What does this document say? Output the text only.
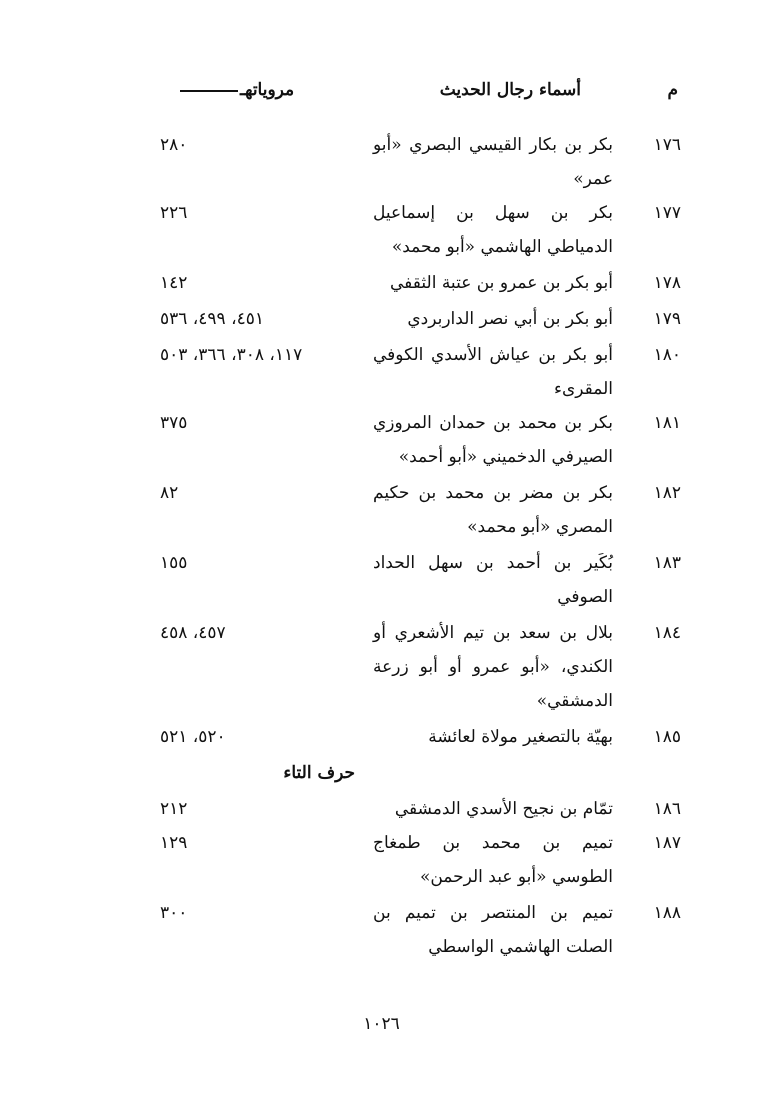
م
أسماء رجال الحديث
مروياتهـ
١٧٦
بكر بن بكار القيسي البصري «أبو عمر»
٢٨٠
١٧٧
بكر بن سهل بن إسماعيل الدمياطي الهاشمي «أبو محمد»
٢٢٦
١٧٨
أبو بكر بن عمرو بن عتبة الثقفي
١٤٢
١٧٩
أبو بكر بن أبي نصر الداربردي
٤٥١، ٤٩٩، ٥٣٦
١٨٠
أبو بكر بن عياش الأسدي الكوفي المقرىء
١١٧، ٣٠٨، ٣٦٦، ٥٠٣
١٨١
بكر بن محمد بن حمدان المروزي الصيرفي الدخميني «أبو أحمد»
٣٧٥
١٨٢
بكر بن مضر بن محمد بن حكيم المصري «أبو محمد»
٨٢
١٨٣
بُكَير بن أحمد بن سهل الحداد الصوفي
١٥٥
١٨٤
بلال بن سعد بن تيم الأشعري أو الكندي، «أبو عمرو أو أبو زرعة الدمشقي»
٤٥٧، ٤٥٨
١٨٥
بهيّة بالتصغير مولاة لعائشة
٥٢٠، ٥٢١
حرف التاء
١٨٦
تمّام بن نجيح الأسدي الدمشقي
٢١٢
١٨٧
تميم بن محمد بن طمغاج الطوسي «أبو عبد الرحمن»
١٢٩
١٨٨
تميم بن المنتصر بن تميم بن الصلت الهاشمي الواسطي
٣٠٠
١٠٢٦
